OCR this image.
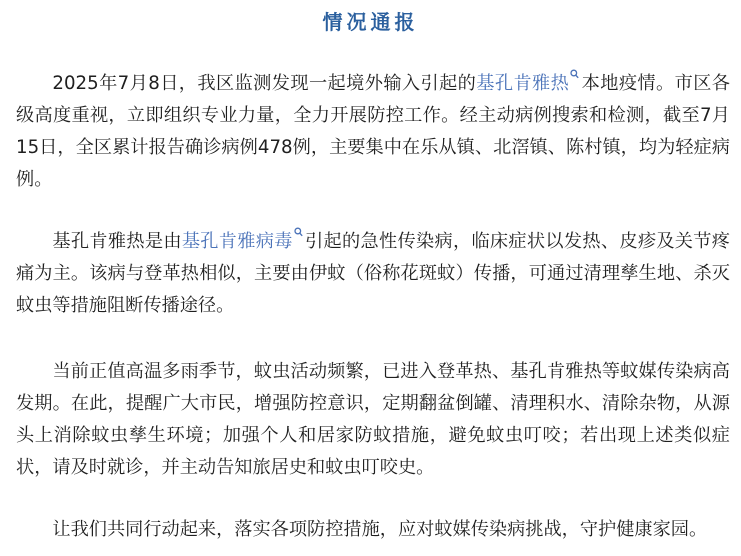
情况通报

2025年7月8日，我区监测发现一起境外输入引起的基孔肯雅热 本地疫情。市区各级高度重视，立即组织专业力量，全力开展防控工作。经主动病例搜索和检测，截至7月15日，全区累计报告确诊病例478例，主要集中在乐从镇、北滘镇、陈村镇，均为轻症病例。

基孔肯雅热是由基孔肯雅病毒 引起的急性传染病，临床症状以发热、皮疹及关节疼痛为主。该病与登革热相似，主要由伊蚊（俗称花斑蚊）传播，可通过清理孳生地、杀灭蚊虫等措施阻断传播途径。

当前正值高温多雨季节，蚊虫活动频繁，已进入登革热、基孔肯雅热等蚊媒传染病高发期。在此，提醒广大市民，增强防控意识，定期翻盆倒罐、清理积水、清除杂物，从源头上消除蚊虫孳生环境；加强个人和居家防蚊措施，避免蚊虫叮咬；若出现上述类似症状，请及时就诊，并主动告知旅居史和蚊虫叮咬史。

让我们共同行动起来，落实各项防控措施，应对蚊媒传染病挑战，守护健康家园。
